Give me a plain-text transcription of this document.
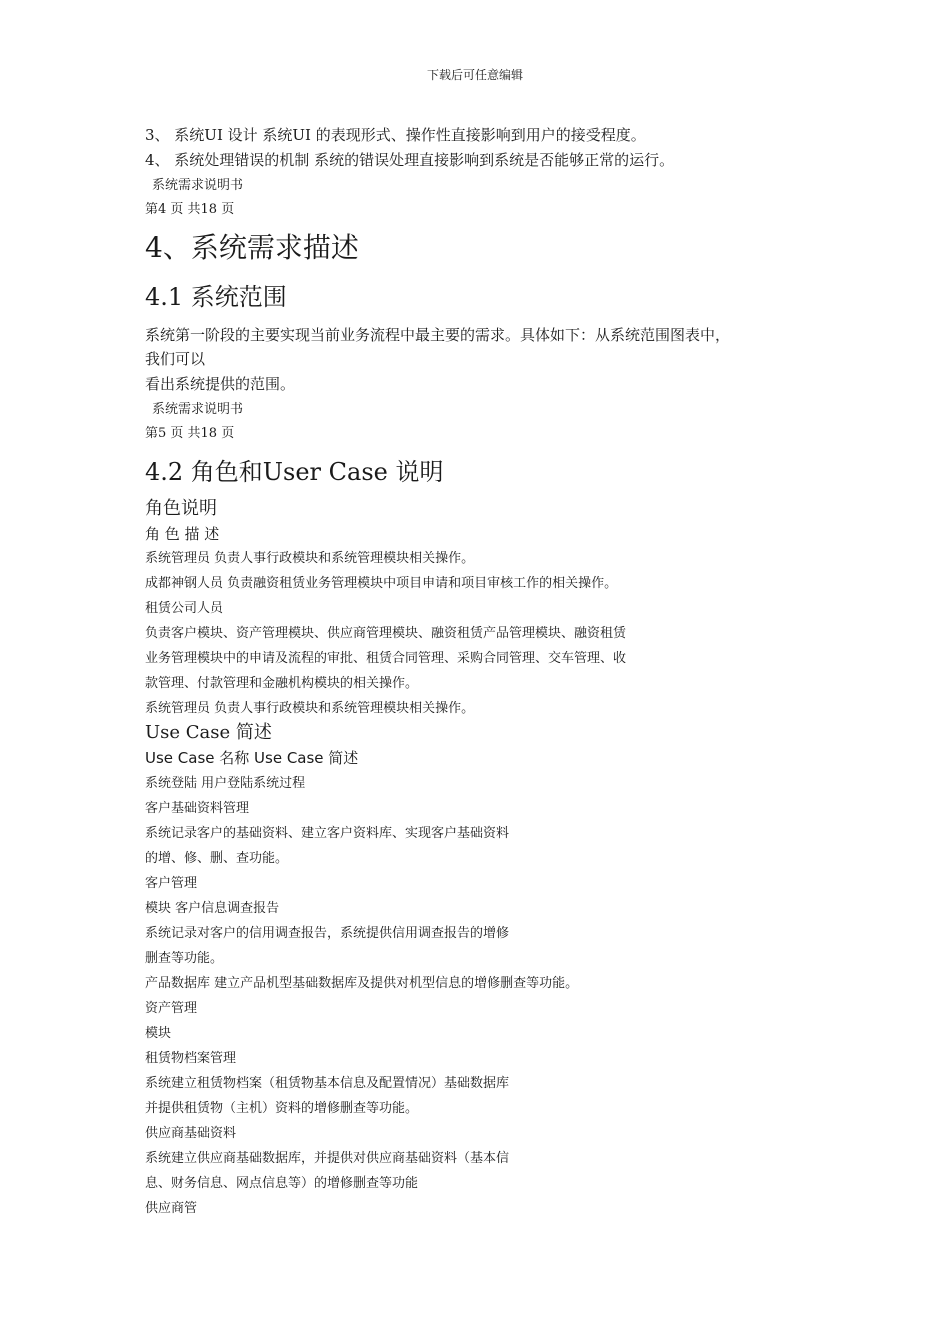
下载后可任意编辑
3、 系统UI 设计 系统UI 的表现形式、操作性直接影响到用户的接受程度。
4、 系统处理错误的机制 系统的错误处理直接影响到系统是否能够正常的运行。
系统需求说明书
第4 页 共18 页
4、系统需求描述
4.1 系统范围
系统第一阶段的主要实现当前业务流程中最主要的需求。具体如下：从系统范围图表中，
我们可以
看出系统提供的范围。
系统需求说明书
第5 页 共18 页
4.2 角色和User Case 说明
角色说明
角 色 描 述
系统管理员 负责人事行政模块和系统管理模块相关操作。
成都神钢人员 负责融资租赁业务管理模块中项目申请和项目审核工作的相关操作。
租赁公司人员
负责客户模块、资产管理模块、供应商管理模块、融资租赁产品管理模块、融资租赁
业务管理模块中的申请及流程的审批、租赁合同管理、采购合同管理、交车管理、收
款管理、付款管理和金融机构模块的相关操作。
系统管理员 负责人事行政模块和系统管理模块相关操作。
Use Case 简述
Use Case 名称 Use Case 简述
系统登陆 用户登陆系统过程
客户基础资料管理
系统记录客户的基础资料、建立客户资料库、实现客户基础资料
的增、修、删、查功能。
客户管理
模块 客户信息调查报告
系统记录对客户的信用调查报告，系统提供信用调查报告的增修
删查等功能。
产品数据库 建立产品机型基础数据库及提供对机型信息的增修删查等功能。
资产管理
模块
租赁物档案管理
系统建立租赁物档案（租赁物基本信息及配置情况）基础数据库
并提供租赁物（主机）资料的增修删查等功能。
供应商基础资料
系统建立供应商基础数据库，并提供对供应商基础资料（基本信
息、财务信息、网点信息等）的增修删查等功能
供应商管
